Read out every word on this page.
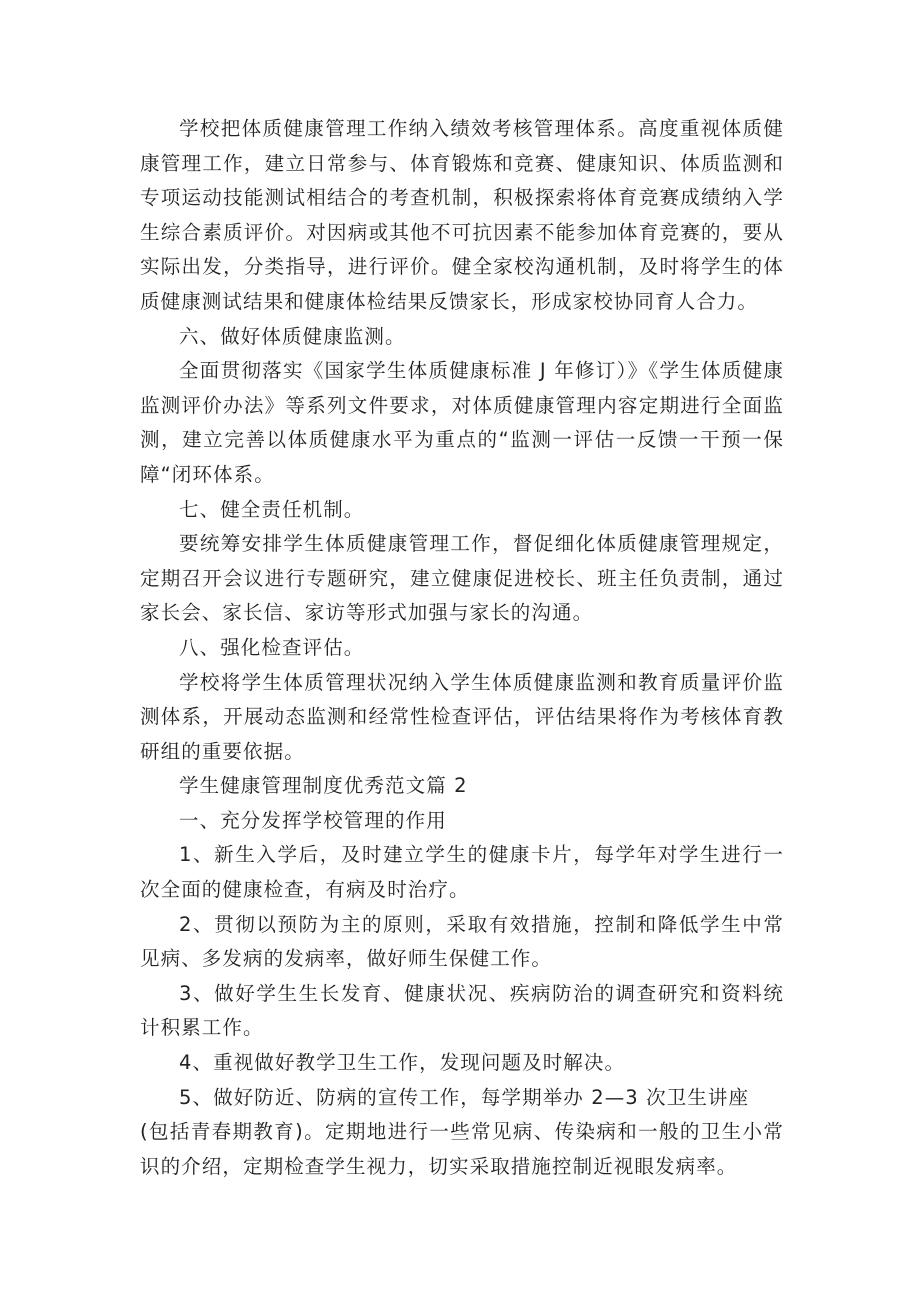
学校把体质健康管理工作纳入绩效考核管理体系。高度重视体质健康管理工作，建立日常参与、体育锻炼和竞赛、健康知识、体质监测和专项运动技能测试相结合的考查机制，积极探索将体育竞赛成绩纳入学生综合素质评价。对因病或其他不可抗因素不能参加体育竞赛的，要从实际出发，分类指导，进行评价。健全家校沟通机制，及时将学生的体质健康测试结果和健康体检结果反馈家长，形成家校协同育人合力。

六、做好体质健康监测。

全面贯彻落实《国家学生体质健康标准 J 年修订）》《学生体质健康监测评价办法》等系列文件要求，对体质健康管理内容定期进行全面监测，建立完善以体质健康水平为重点的“监测一评估一反馈一干预一保障“闭环体系。

七、健全责任机制。

要统筹安排学生体质健康管理工作，督促细化体质健康管理规定，定期召开会议进行专题研究，建立健康促进校长、班主任负责制，通过家长会、家长信、家访等形式加强与家长的沟通。

八、强化检查评估。

学校将学生体质管理状况纳入学生体质健康监测和教育质量评价监测体系，开展动态监测和经常性检查评估，评估结果将作为考核体育教研组的重要依据。

学生健康管理制度优秀范文篇 2

一、充分发挥学校管理的作用

1、新生入学后，及时建立学生的健康卡片，每学年对学生进行一次全面的健康检查，有病及时治疗。

2、贯彻以预防为主的原则，采取有效措施，控制和降低学生中常见病、多发病的发病率，做好师生保健工作。

3、做好学生生长发育、健康状况、疾病防治的调查研究和资料统计积累工作。

4、重视做好教学卫生工作，发现问题及时解决。

5、做好防近、防病的宣传工作，每学期举办 2—3 次卫生讲座

(包括青春期教育)。定期地进行一些常见病、传染病和一般的卫生小常识的介绍，定期检查学生视力，切实采取措施控制近视眼发病率。
